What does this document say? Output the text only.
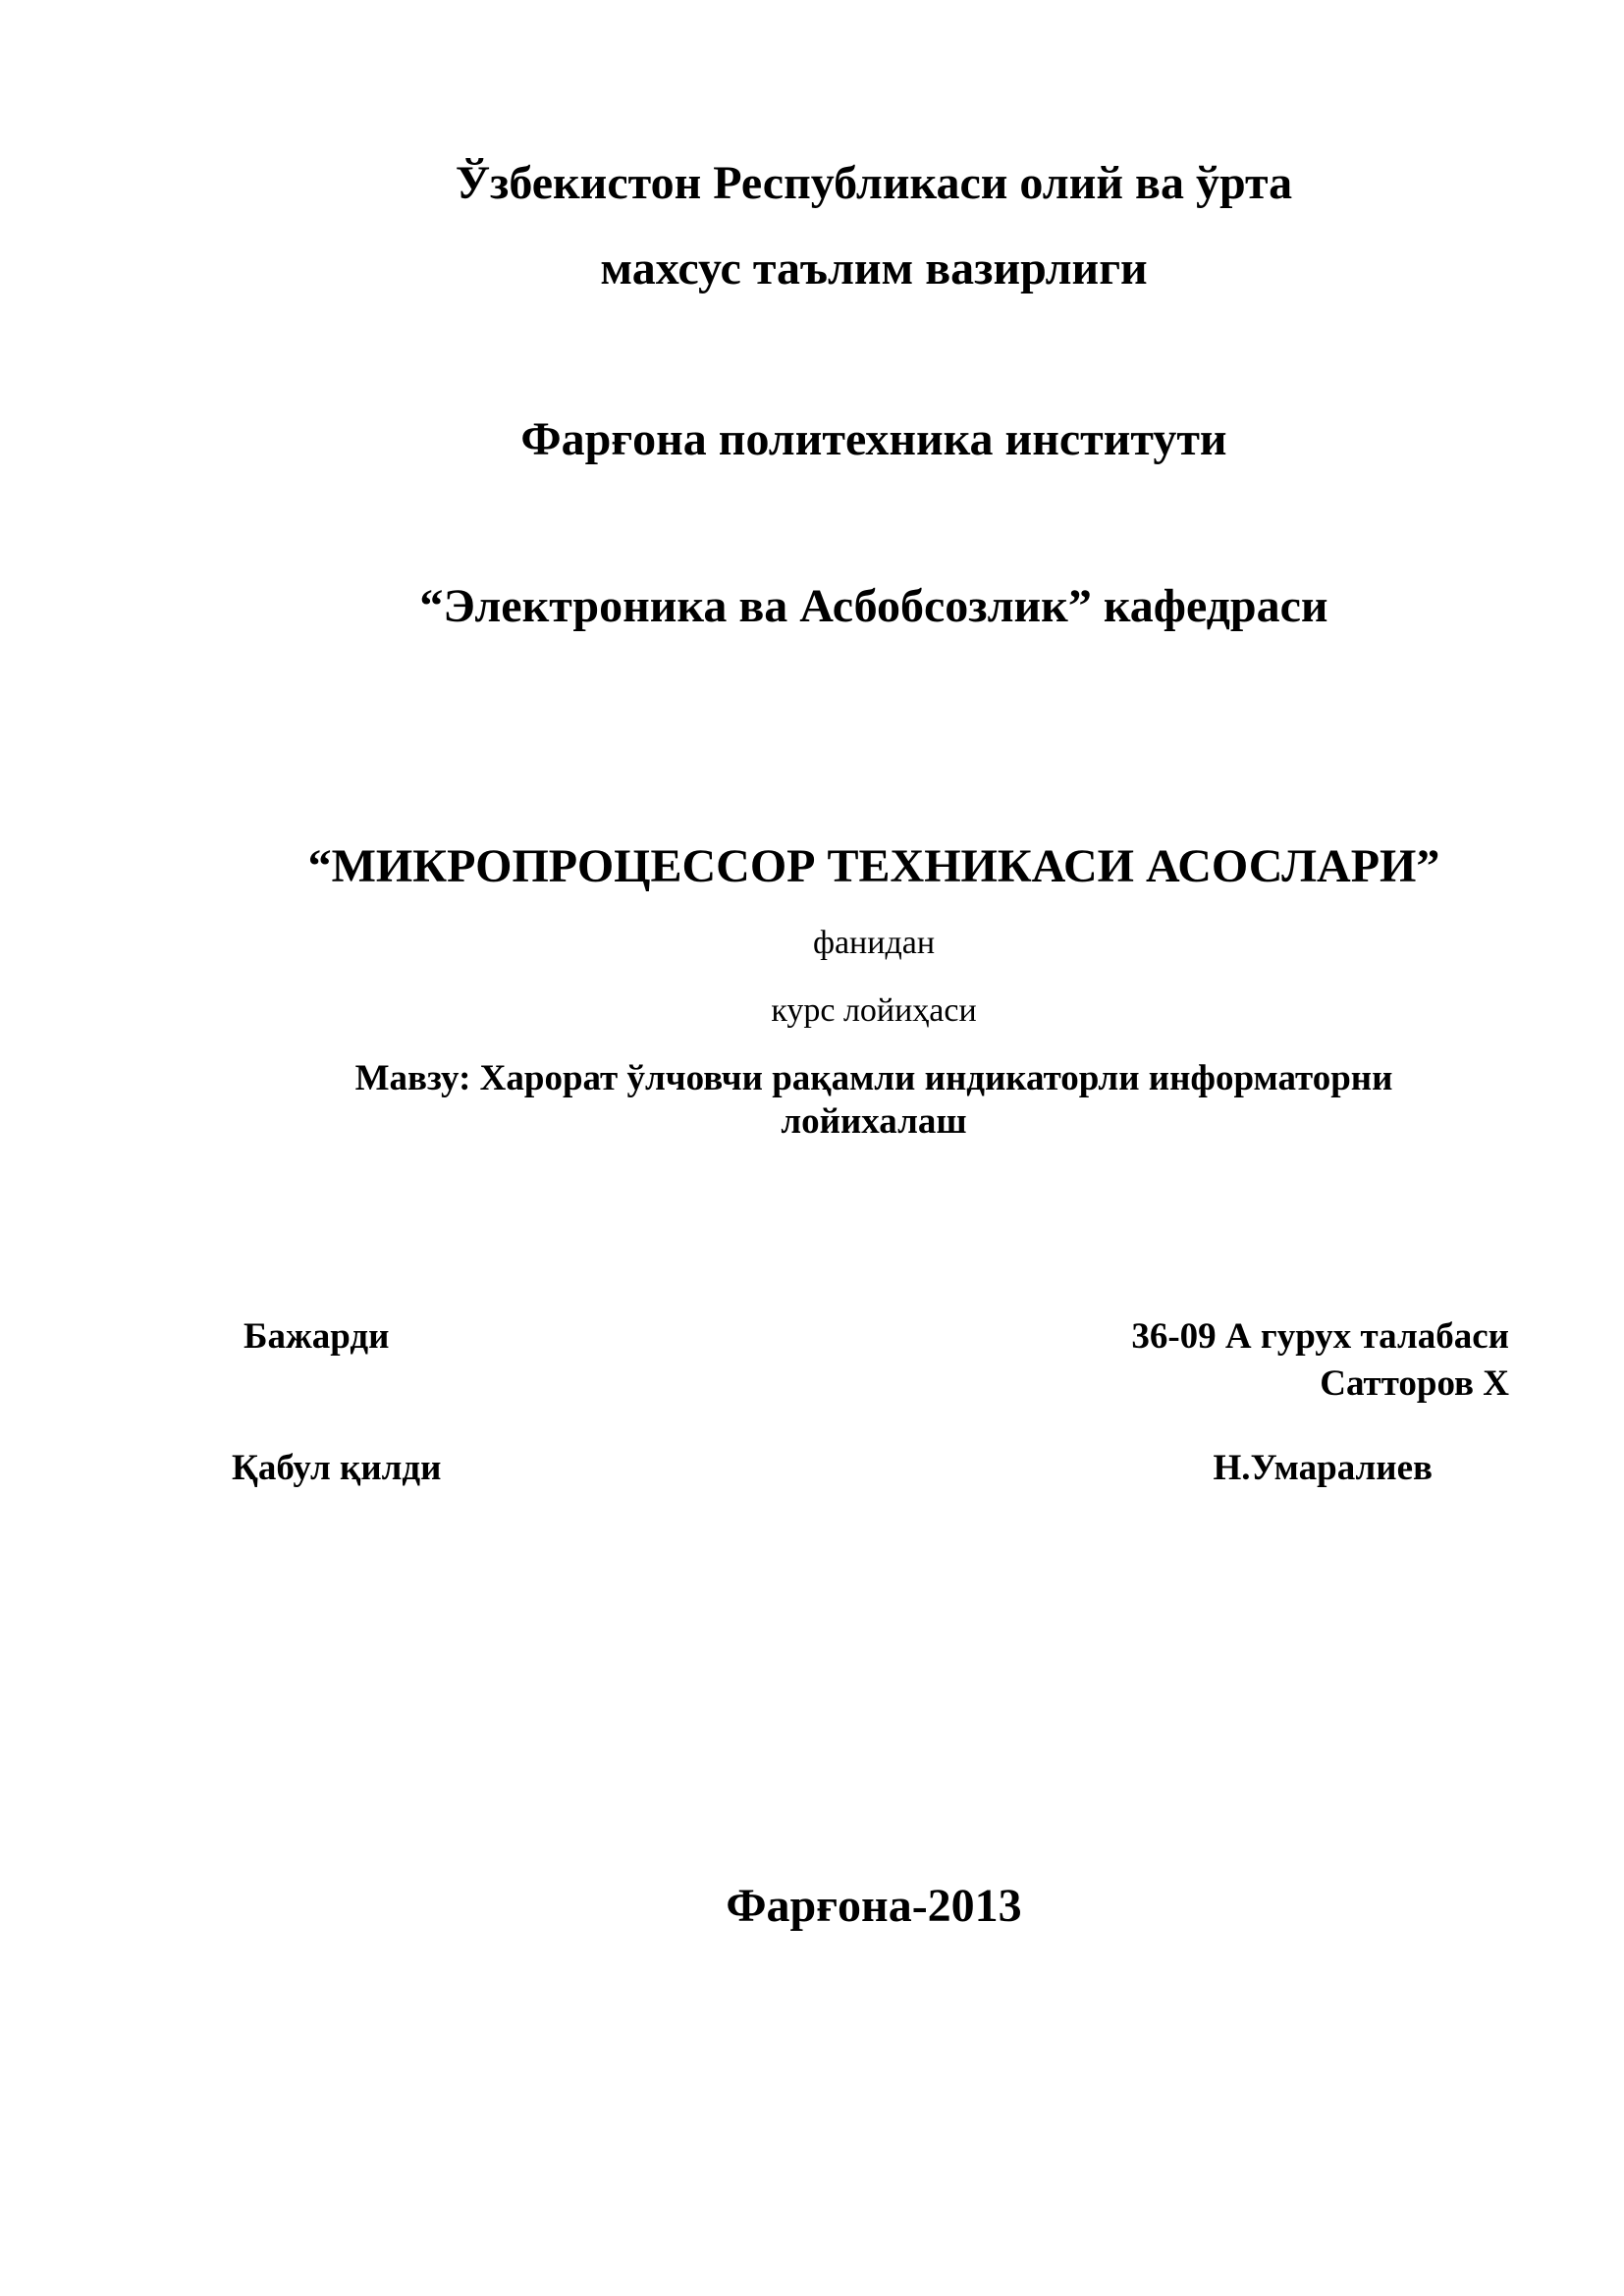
Ўзбекистон Республикаси олий ва ўрта
махсус таълим вазирлиги
Фарғона политехника институти
“Электроника ва Асбобсозлик” кафедраси
“МИКРОПРОЦЕССОР ТЕХНИКАСИ АСОСЛАРИ”
фанидан
курс лойиҳаси
Мавзу: Харорат ўлчовчи рақамли индикаторли информаторни
лойихалаш
Бажарди	36-09 А гурух талабаси
Сатторов Х
Қабул қилди	Н.Умаралиев
Фарғона-2013
